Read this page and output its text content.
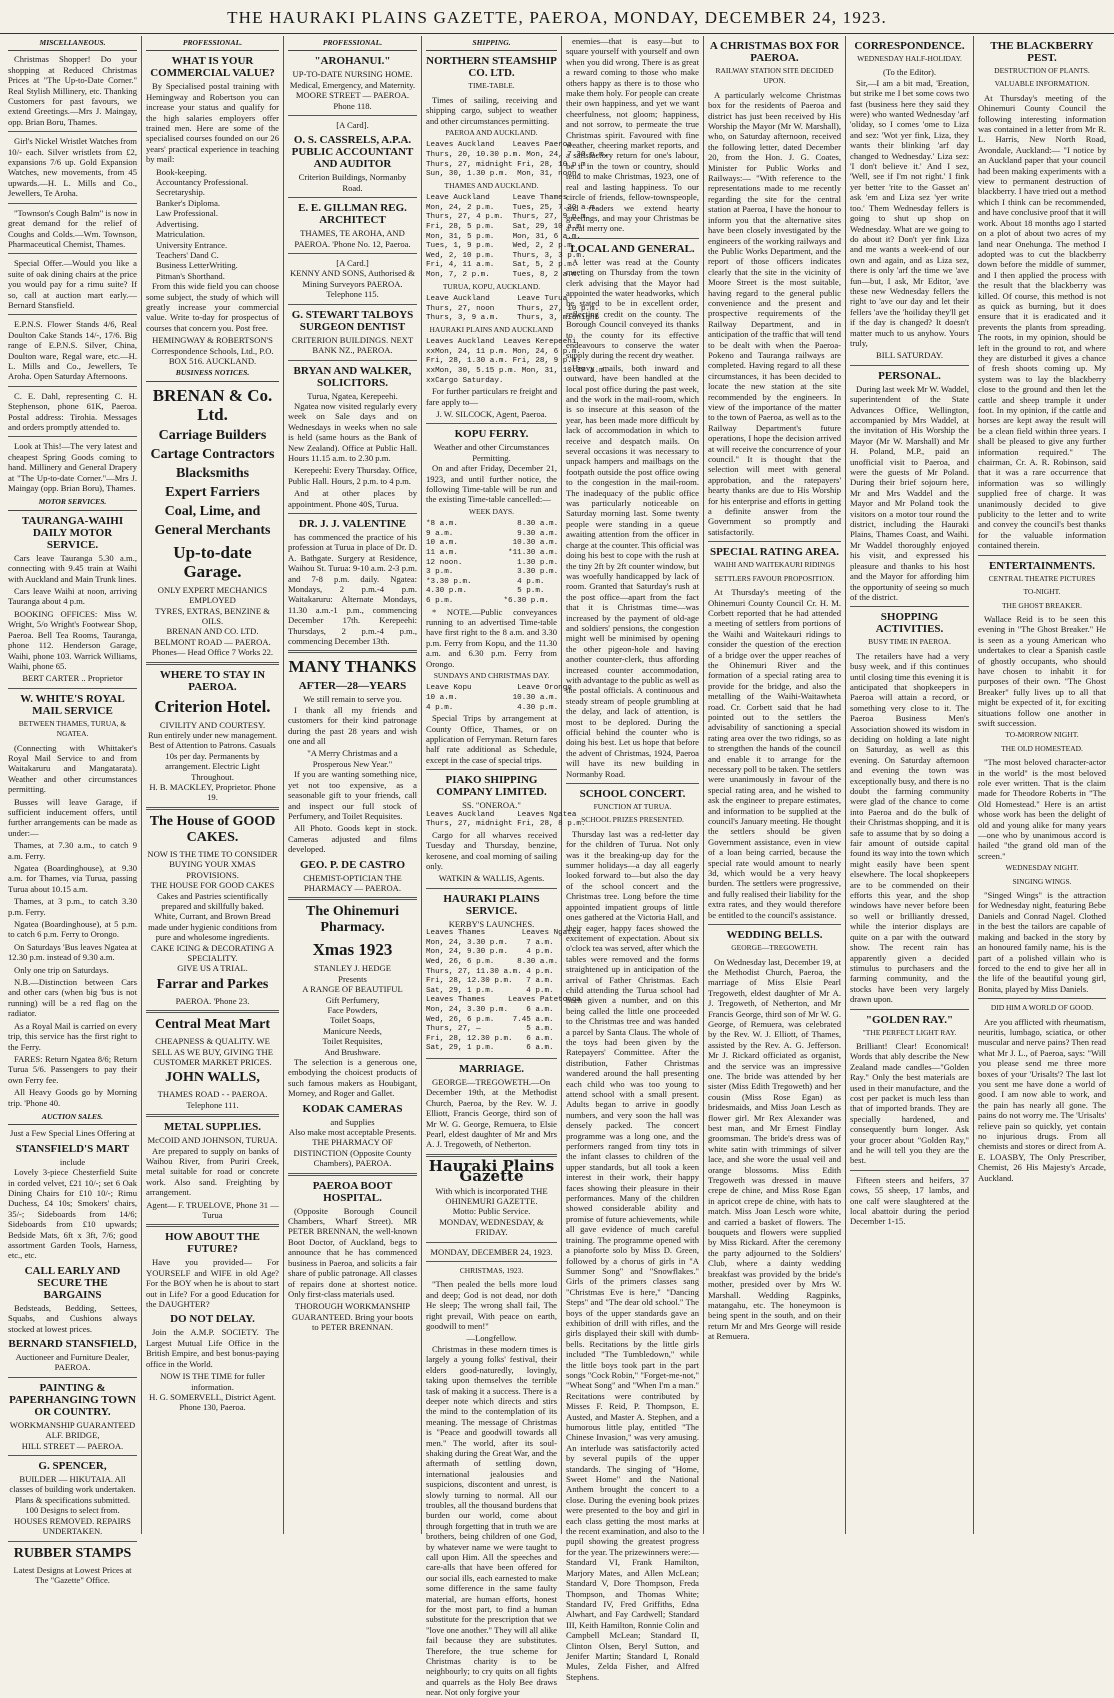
THE HAURAKI PLAINS GAZETTE, PAEROA, MONDAY, DECEMBER 24, 1923.
MISCELLANEOUS.

Christmas Shopper! Do your shopping at Reduced Christmas Prices at "The Up-to-Date Corner." Real Stylish Millinery, etc. Thanking Customers for past favours, we extend Greetings.—Mrs J. Maingay, opp. Brian Boru, Thames.

Girl's Nickel Wristlet Watches from 10/- each. Silver wristlets from £2, expansions 7/6 up. Gold Expansion Watches, new movements, from 45 upwards.—H. L. Mills and Co., Jewellers, Te Aroha.

"Townson's Cough Balm" is now in great demand for the relief of Coughs and Colds.—Wm. Townson, Pharmaceutical Chemist, Thames.

Special Offer.—Would you like a suite of oak dining chairs at the price you would pay for a rimu suite? If so, call at auction mart early.—Bernard Stansfield.

E.P.N.S. Flower Stands 4/6, Real Doulton Cake Stands 14/-, 17/6. Big range of E.P.N.S. Silver, China, Doulton ware, Regal ware, etc.—H. L. Mills and Co., Jewellers, Te Aroha. Open Saturday Afternoons.

C. E. Dahl, representing C. H. Stephenson, phone 61K, Paeroa. Postal address: Tirohia. Messages and orders promptly attended to.

Look at This!—The very latest and cheapest Spring Goods coming to hand. Millinery and General Drapery at "The Up-to-date Corner."—Mrs J. Maingay (opp. Brian Boru), Thames.

MOTOR SERVICES.
TAURANGA-WAIHI DAILY MOTOR SERVICE.

Cars leave Tauranga 5.30 a.m., connecting with 9.45 train at Waihi with Auckland and Main Trunk lines.

Cars leave Waihi at noon, arriving Tauranga about 4 p.m.

BOOKING OFFICES: Miss W. Wright, 5/o Wright's Footwear Shop, Paeroa. Bell Tea Rooms, Tauranga, phone 112. Henderson Garage, Waihi, phone 103. Warrick Williams, Waihi, phone 65.

BERT CARTER .. Proprietor
W. WHITE'S ROYAL MAIL SERVICE
BETWEEN THAMES, TURUA, & NGATEA.

(Connecting with Whittaker's Royal Mail Service to and from Waitakaruru and Mangatarata). Weather and other circumstances permitting.

Busses will leave Garage, if sufficient inducement offers, until further arrangements can be made as under:—

Thames, at 7.30 a.m., to catch 9 a.m. Ferry.

Ngatea (Boardinghouse), at 9.30 a.m. for Thames, via Turua, passing Turua about 10.15 a.m.

Thames, at 3 p.m., to catch 3.30 p.m. Ferry.

Ngatea (Boardinghouse), at 5 p.m. to catch 6 p.m. Ferry to Orongo.

On Saturdays 'Bus leaves Ngatea at 12.30 p.m. instead of 9.30 a.m.

Only one trip on Saturdays.

N.B.—Distinction between Cars and other cars (when big 'bus is not running) will be a red flag on the radiator.

As a Royal Mail is carried on every trip, this service has the first right to the Ferry.

FARES: Return Ngatea 8/6; Return Turua 5/6. Passengers to pay their own Ferry fee.

All Heavy Goods go by Morning trip. 'Phone 40.

AUCTION SALES.
Just a Few Special Lines Offering at
STANSFIELD'S MART
include

Lovely 3-piece Chesterfield Suite in corded velvet, £21 10/-; set 6 Oak Dining Chairs for £10 10/-; Rimu Duchess, £4 10s; Smokers' chairs, 35/-; Sideboards from 14/6; Sideboards from £10 upwards; Bedside Mats, 6ft x 3ft, 7/6; good assortment Garden Tools, Harness, etc., etc.

CALL EARLY AND SECURE THE BARGAINS

Bedsteads, Bedding, Settees, Squabs, and Cushions always stocked at lowest prices.

BERNARD STANSFIELD,
Auctioneer and Furniture Dealer, PAEROA.
PAINTING & PAPERHANGING TOWN OR COUNTRY.
WORKMANSHIP GUARANTEED ALF. BRIDGE,
HILL STREET — PAEROA.
G. SPENCER,
BUILDER — HIKUTAIA. All classes of building work undertaken.
Plans & specifications submitted.
100 Designs to select from.
HOUSES REMOVED. REPAIRS UNDERTAKEN.
RUBBER STAMPS
Latest Designs at Lowest Prices at The "Gazette" Office.
PROFESSIONAL.
WHAT IS YOUR COMMERCIAL VALUE?

By Specialised postal training with Hemingway and Robertson you can increase your status and qualify for the high salaries employers offer trained men. Here are some of the specialised courses founded on our 26 years' practical experience in teaching by mail:

Book-keeping.
Accountancy Professional.
Secretaryship.
Banker's Diploma.
Law Professional.
Advertising.
Matriculation.
University Entrance.
Teachers' Dand C.
Business LetterWriting.
Pitman's Shorthand.

From this wide field you can choose some subject, the study of which will greatly increase your commercial value. Write to-day for prospectus of courses that concern you. Post free.

HEMINGWAY & ROBERTSON'S Correspondence Schools, Ltd., P.O. BOX 516. AUCKLAND.
BUSINESS NOTICES.
BRENAN & Co. Ltd.
Carriage Builders
Cartage Contractors
Blacksmiths
Expert Farriers
Coal, Lime, and
General Merchants
Up-to-date Garage.
ONLY EXPERT MECHANICS EMPLOYED
TYRES, EXTRAS, BENZINE & OILS.
BRENAN AND CO. LTD.
BELMONT ROAD — PAEROA.
Phones— Head Office 7 Works 22.
WHERE TO STAY IN PAEROA.
Criterion Hotel.
CIVILITY AND COURTESY.
Run entirely under new management.
Best of Attention to Patrons. Casuals 10s per day. Permanents by arrangement. Electric Light Throughout.
H. B. MACKLEY, Proprietor. Phone 19.
The House of GOOD CAKES.
NOW IS THE TIME TO CONSIDER BUYING YOUR XMAS PROVISIONS.
THE HOUSE FOR GOOD CAKES
Cakes and Pastries scientifically prepared and skillfully baked.
White, Currant, and Brown Bread made under hygienic conditions from pure and wholesome ingredients.
CAKE ICING & DECORATING A SPECIALITY.
GIVE US A TRIAL.
Farrar and Parkes
PAEROA. 'Phone 23.
Central Meat Mart
CHEAPNESS & QUALITY. WE SELL AS WE BUY, GIVING THE CUSTOMER MARKET PRICES.
JOHN WALLS,
THAMES ROAD - - PAEROA. Telephone 111.
METAL SUPPLIES.
McCOID AND JOHNSON, TURUA.

Are prepared to supply on banks of Waihou River, from Puriri Creek, metal suitable for road or concrete work. Also sand. Freighting by arrangement.

Agent— F. TRUELOVE, Phone 31 — Turua
HOW ABOUT THE FUTURE?

Have you provided— For YOURSELF and WIFE in old Age? For the BOY when he is about to start out in Life? For a good Education for the DAUGHTER?

DO NOT DELAY.

Join the A.M.P. SOCIETY. The Largest Mutual Life Office in the British Empire, and best bonus-paying office in the World.

NOW IS THE TIME for fuller information.
H. G. SOMERVELL, District Agent. Phone 130, Paeroa.
PROFESSIONAL.
"AROHANUI."
UP-TO-DATE NURSING HOME.
Medical, Emergency, and Maternity.
MOORE STREET — PAEROA. Phone 118.
[A Card].
O. S. CASSRELS, A.P.A. PUBLIC ACCOUNTANT AND AUDITOR
Criterion Buildings, Normanby Road.
E. E. GILLMAN REG. ARCHITECT
THAMES, TE AROHA, AND PAEROA. 'Phone No. 12, Paeroa.
[A Card.]
KENNY AND SONS, Authorised & Mining Surveyors PAEROA. Telephone 115.
G. STEWART TALBOYS SURGEON DENTIST
CRITERION BUILDINGS. NEXT BANK NZ., PAEROA.
BRYAN AND WALKER, SOLICITORS.
Turua, Ngatea, Kerepeehi.

Ngatea now visited regularly every week on Sale days and on Wednesdays in weeks when no sale is held (same hours as the Bank of New Zealand). Office at Public Hall. Hours 11.15 a.m. to 2.30 p.m.

Kerepeehi: Every Thursday. Office, Public Hall. Hours, 2 p.m. to 4 p.m.

And at other places by appointment. Phone 40S, Turua.

DR. J. J. VALENTINE

has commenced the practice of his profession at Turua in place of Dr. D. A. Bathgate. Surgery at Residence, Waihou St. Turua: 9-10 a.m. 2-3 p.m. and 7-8 p.m. daily. Ngatea: Mondays, 2 p.m.-4 p.m. Waitakaruru: Alternate Mondays, 11.30 a.m.-1 p.m., commencing December 17th. Kerepeehi: Thursdays, 2 p.m.-4 p.m., commencing December 13th.

MANY THANKS
AFTER—28—YEARS
We still remain to serve you.

I thank all my friends and customers for their kind patronage during the past 28 years and wish one and all

"A Merry Christmas and a Prosperous New Year."

If you are wanting something nice, yet not too expensive, as a seasonable gift to your friends, call and inspect our full stock of Perfumery, and Toilet Requisites.

All Photo. Goods kept in stock. Cameras adjusted and films developed.

GEO. P. DE CASTRO
CHEMIST-OPTICIAN THE PHARMACY — PAEROA.
The Ohinemuri Pharmacy.
Xmas 1923
STANLEY J. HEDGE
Presents
A RANGE OF BEAUTIFUL
Gift Perfumery,
Face Powders,
Toilet Soaps,
Manicure Needs,
Toilet Requisites,
And Brushware.

The selection is a generous one, embodying the choicest products of such famous makers as Houbigant, Morney, and Roger and Gallet.

KODAK CAMERAS
and Supplies
Also make most acceptable Presents.
THE PHARMACY OF DISTINCTION (Opposite County Chambers), PAEROA.
PAEROA BOOT HOSPITAL.

(Opposite Borough Council Chambers, Wharf Street). MR PETER BRENNAN, the well-known Boot Doctor, of Auckland, begs to announce that he has commenced business in Paeroa, and solicits a fair share of public patronage. All classes of repairs done at shortest notice. Only first-class materials used.

THOROUGH WORKMANSHIP GUARANTEED. Bring your boots to PETER BRENNAN.
SHIPPING.
NORTHERN STEAMSHIP CO. LTD.
TIME-TABLE.

Times of sailing, receiving and shipping cargo, subject to weather and other circumstances permitting.

PAEROA AND AUCKLAND.
Leaves Auckland    Leaves Paeroa
Thurs, 20, 10.30 p.m. Mon, 24, 7.30 p.m.
Thurs, 27, midnight Fri, 28, 10 p.m.
Sun, 30, 1.30 p.m.  Mon, 31, noon.
THAMES AND AUCKLAND.
Leave Auckland     Leave Thames
Mon, 24, 2 p.m.    Tues, 25, 7.30 a.m.
Thurs, 27, 4 p.m.  Thurs, 27, 9 p.m.
Fri, 28, 5 p.m.    Sat, 29, 10 a.m.
Mon, 31, 5 p.m.    Mon, 31, 6 a.m.
Tues, 1, 9 p.m.    Wed, 2, 2 p.m.
Wed, 2, 10 p.m.    Thurs, 3, 3 p.m.
Fri, 4, 11 a.m.    Sat, 5, 2 p.m.
Mon, 7, 2 p.m.     Tues, 8, 2 a.m.
TURUA, KOPU, AUCKLAND.
Leave Auckland      Leave Turua
Thurs, 27, noon     Thurs, 27, 10 p.m.
Thurs, 3, 9 a.m.    Thurs, 3, midnight
HAURAKI PLAINS AND AUCKLAND
Leaves Auckland  Leaves Kerepeehi
xxMon, 24, 11 p.m. Mon, 24, 6 p.m.
Fri, 28, 1.30 a.m. Fri, 28, 9 p.m.
xxMon, 30, 5.15 p.m. Mon, 31, 10.30 a.m.
xxCargo Saturday.

For further particulars re freight and fare apply to—

J. W. SILCOCK, Agent, Paeroa.
KOPU FERRY.
Weather and other Circumstances Permitting.

On and after Friday, December 21, 1923, and until further notice, the following Time-table will be run and the existing Time-table cancelled:—

WEEK DAYS.
*8 a.m.             8.30 a.m.
9 a.m.              9.30 a.m.
10 a.m.            10.30 a.m.
11 a.m.           *11.30 a.m.
12 noon.            1.30 p.m.
3 p.m.              3.30 p.m.
*3.30 p.m.          4 p.m.
4.30 p.m.           5 p.m.
6 p.m.           *6.30 p.m.

* NOTE.—Public conveyances running to an advertised Time-table have first right to the 8 a.m. and 3.30 p.m. Ferry from Kopu, and the 11.30 a.m. and 6.30 p.m. Ferry from Orongo.

SUNDAYS AND CHRISTMAS DAY.
Leave Kopu          Leave Orongo
10 a.m.            10.30 a.m.
4 p.m.              4.30 p.m.

Special Trips by arrangement at County Office, Thames, or on application of Ferryman. Return fares half rate additional as Schedule, except in the case of special trips.

PIAKO SHIPPING COMPANY LIMITED.
SS. "ONEROA."
Leaves Auckland     Leaves Ngatea
Thurs, 27, midnight Fri, 28, 8 p.m.

Cargo for all wharves received Tuesday and Thursday, benzine, kerosene, and coal morning of sailing only.

WATKIN & WALLIS, Agents.
HAURAKI PLAINS SERVICE.
KERBY'S LAUNCHES.
Leaves Thames        Leaves Ngatea
Mon, 24, 3.30 p.m.    7 a.m.
Mon, 24, 9.30 p.m.    4 p.m.
Wed, 26, 6 p.m.     8.30 a.m.
Thurs, 27, 11.30 a.m. 4 p.m.
Fri, 28, 12.30 p.m.   7 a.m.
Sat, 29, 1 p.m.       4 p.m.
Leaves Thames     Leaves Patetonga
Mon, 24, 3.30 p.m.    6 a.m.
Wed, 26, 6 p.m.    7.45 a.m.
Thurs, 27, ―          5 a.m.
Fri, 28, 12.30 p.m.   6 a.m.
Sat, 29, 1 p.m.       6 a.m.
MARRIAGE.

GEORGE—TREGOWETH.—On December 19th, at the Methodist Church, Paeroa, by the Rev. W. J. Elliott, Francis George, third son of Mr W. G. George, Remuera, to Elsie Pearl, eldest daughter of Mr and Mrs A. J. Tregoweth, of Netherton.

Hauraki Plains Gazette
With which is incorporated THE OHINEMURI GAZETTE.
Motto: Public Service.
MONDAY, WEDNESDAY, & FRIDAY.
MONDAY, DECEMBER 24, 1923.
CHRISTMAS, 1923.

"Then pealed the bells more loud and deep; God is not dead, nor doth He sleep; The wrong shall fail, The right prevail, With peace on earth, goodwill to men!"

—Longfellow.

Christmas in these modern times is largely a young folks' festival, their elders good-naturedly, lovingly, taking upon themselves the terrible task of making it a success. There is a deeper note which directs and stirs the mind to the contemplation of its meaning. The message of Christmas is "Peace and goodwill towards all men." The world, after its soul-shaking during the Great War, and the aftermath of settling down, international jealousies and suspicions, discontent and unrest, is slowly turning to normal. All our troubles, all the thousand burdens that burden our world, come about through forgetting that in truth we are brothers, being children of one God, by whatever name we were taught to call upon Him. All the speeches and care-alls that have been offered for our social ills, each earnested to make some difference in the same faulty material, are human efforts, honest for the most part, to find a human substitute for the prescription that we "love one another." They will all alike fail because they are substitutes. Therefore, the true scheme for Christmas charity is to be neighbourly; to cry quits on all fights and quarrels as the Holy Bee draws near. Not only forgive your

enemies—that is easy—but to square yourself with yourself and own when you did wrong. There is as great a reward coming to those who make others happy as there is to those who make them holy. For people can create their own happiness, and yet we want cheerfulness, not gloom; happiness, and not sorrow, to permeate the true Christmas spirit. Favoured with fine weather, cheering market reports, and a satisfactory return for one's labour, be it in the town or country, should tend to make Christmas, 1923, one of real and lasting happiness. To our circle of friends, fellow-townspeople, and readers we extend hearty greetings, and may your Christmas be a real merry one.

LOCAL AND GENERAL.

A letter was read at the County meeting on Thursday from the town clerk advising that the Mayor had appointed the water headworks, which he stated to be in excellent order, reflecting credit on the county. The Borough Council conveyed its thanks to the county for its effective endeavours to conserve the water supply during the recent dry weather.

Heavy mails, both inward and outward, have been handled at the local post office during the past week, and the work in the mail-room, which is so insecure at this season of the year, has been made more difficult by lack of accommodation in which to receive and despatch mails. On several occasions it was necessary to unpack hampers and mailbags on the footpath outside the post office owing to the congestion in the mail-room. The inadequacy of the public office was particularly noticeable on Saturday morning last. Some twenty people were standing in a queue awaiting attention from the officer in charge at the counter. This official was doing his best to cope with the rush at the tiny 2ft by 2ft counter window, but was woefully handicapped by lack of room. Granted that Saturday's rush at the post office—apart from the fact that it is Christmas time—was increased by the payment of old-age and soldiers' pensions, the congestion might well be minimised by opening the other pigeon-hole and having another counter-clerk, thus affording increased counter accommodation, with advantage to the public as well as the postal officials. A continuous and steady stream of people grumbling at the delay, and lack of attention, is most to be deplored. During the official behind the counter who is doing his best. Let us hope that before the advent of Christmas, 1924, Paeroa will have its new building in Normanby Road.

SCHOOL CONCERT.
FUNCTION AT TURUA.
SCHOOL PRIZES PRESENTED.

Thursday last was a red-letter day for the children of Turua. Not only was it the breaking-up day for the summer holidays—a day all eagerly looked forward to—but also the day of the school concert and the Christmas tree. Long before the time appointed impatient groups of little ones gathered at the Victoria Hall, and their eager, happy faces showed the excitement of expectation. About six o'clock tea was served, after which the tables were removed and the forms straightened up in anticipation of the arrival of Father Christmas. Each child attending the Turua school had been given a number, and on this being called the little one proceeded to the Christmas tree and was handed a parcel by Santa Claus. The whole of the toys had been given by the Ratepayers' Committee. After the distribution, Father Christmas wandered around the hall presenting each child who was too young to attend school with a small present. Adults began to arrive in goodly numbers, and very soon the hall was densely packed. The concert programme was a long one, and the performers ranged from tiny tots in the infant classes to children of the upper standards, but all took a keen interest in their work, their happy faces showing their pleasure in their performances. Many of the children showed considerable ability and promise of future achievements, while all gave evidence of much careful training. The programme opened with a pianoforte solo by Miss D. Green, followed by a chorus of girls in "A Summer Song" and "Snowflakes." Girls of the primers classes sang "Christmas Eve is here," "Dancing Steps" and "The dear old school." The boys of the upper standards gave an exhibition of drill with rifles, and the girls displayed their skill with dumb-bells. Recitations by the little girls included "The Tumbledown," while the little boys took part in the part songs "Cock Robin," "Forget-me-not," "Wheat Song" and "When I'm a man." Recitations were contributed by Misses F. Reid, P. Thompson, E. Austed, and Master A. Stephen, and a humorous little play, entitled "The Chinese Invasion," was very amusing. An interlude was satisfactorily acted by several pupils of the upper standards. The singing of "Home, Sweet Home" and the National Anthem brought the concert to a close. During the evening book prizes were presented to the boy and girl in each class getting the most marks at the recent examination, and also to the pupil showing the greatest progress for the year. The prizewinners were:—Standard VI, Frank Hamilton, Marjory Mates, and Allen McLean; Standard V, Dore Thompson, Freda Thompson, and Thomas White; Standard IV, Fred Griffiths, Edna Alwhart, and Fay Cardwell; Standard III, Keith Hamilton, Ronnie Colin and Campbell McLean; Standard II, Clinton Olsen, Beryl Sutton, and Jenifer Martin; Standard I, Ronald Mules, Zelda Fisher, and Alfred Stephens.

A CHRISTMAS BOX FOR PAEROA.
RAILWAY STATION SITE DECIDED UPON.

A particularly welcome Christmas box for the residents of Paeroa and district has just been received by His Worship the Mayor (Mr W. Marshall), who, on Saturday afternoon, received the following letter, dated December 20, from the Hon. J. G. Coates, Minister for Public Works and Railways:— "With reference to the representations made to me recently regarding the site for the central station at Paeroa, I have the honour to inform you that the alternative sites have been closely investigated by the engineers of the working railways and the Public Works Department, and the report of those officers indicates clearly that the site in the vicinity of Moore Street is the most suitable, having regard to the general public convenience and the present and prospective requirements of the Railway Department, and in anticipation of the traffic that will tend to be dealt with when the Paeroa-Pokeno and Tauranga railways are completed. Having regard to all these circumstances, it has been decided to locate the new station at the site recommended by the engineers. In view of the importance of the matter to the town of Paeroa, as well as to the Railway Department's future operations, I hope the decision arrived at will receive the concurrence of your council." It is thought that the selection will meet with general approbation, and the ratepayers' hearty thanks are due to His Worship for his enterprise and efforts in getting a definite answer from the Government so promptly and satisfactorily.

SPECIAL RATING AREA.
WAIHI AND WAITEKAURI RIDINGS
SETTLERS FAVOUR PROPOSITION.

At Thursday's meeting of the Ohinemuri County Council Cr. H. M. Corbett reported that he had attended a meeting of settlers from portions of the Waihi and Waitekauri ridings to consider the question of the erection of a bridge over the upper reaches of the Ohinemuri River and the formation of a special rating area to provide for the bridge, and also the metalling of the Waihi-Waitawheta road. Cr. Corbett said that he had pointed out to the settlers the advisability of sanctioning a special rating area over the two ridings, so as to strengthen the hands of the council and enable it to arrange for the necessary poll to be taken. The settlers were unanimously in favour of the special rating area, and he wished to ask the engineer to prepare estimates, and information to be supplied at the council's January meeting. He thought the settlers should be given Government assistance, even in view of a loan being carried, because the special rate would amount to nearly 3d, which would be a very heavy burden. The settlers were progressive, and fully realised their liability for the extra rates, and they would therefore be entitled to the council's assistance.

WEDDING BELLS.
GEORGE—TREGOWETH.

On Wednesday last, December 19, at the Methodist Church, Paeroa, the marriage of Miss Elsie Pearl Tregoweth, eldest daughter of Mr A. J. Tregoweth, of Netherton, and Mr Francis George, third son of Mr W. G. George, of Remuera, was celebrated by the Rev. W. J. Elliott, of Thames, assisted by the Rev. A. G. Jefferson. Mr J. Rickard officiated as organist, and the service was an impressive one. The bride was attended by her sister (Miss Edith Tregoweth) and her cousin (Miss Rose Egan) as bridesmaids, and Miss Joan Lesch as flower girl. Mr Rex Alexander was best man, and Mr Ernest Findlay groomsman. The bride's dress was of white satin with trimmings of silver lace, and she wore the usual veil and orange blossoms. Miss Edith Tregoweth was dressed in mauve crepe de chine, and Miss Rose Egan in apricot crepe de chine, with hats to match. Miss Joan Lesch wore white, and carried a basket of flowers. The bouquets and flowers were supplied by Miss Rickard. After the ceremony the party adjourned to the Soldiers' Club, where a dainty wedding breakfast was provided by the bride's mother, presided over by Mrs W. Marshall. Wedding Ragpinks, matangahu, etc. The honeymoon is being spent in the south, and on their return Mr and Mrs George will reside at Remuera.

CORRESPONDENCE.
WEDNESDAY HALF-HOLIDAY.
(To the Editor).

Sir,—I am a bit mad, 'Ereation, but strike me I bet some cows two fast (business here they said they were) who wanted Wednesday 'arf 'oliday, so I comes 'ome to Liza and sez: 'Wot yer fink, Liza, they wants their blinking 'arf day changed to Wednesday.' Liza sez: 'I don't believe it.' And I sez, 'Well, see if I'm not right.' I fink yer better 'rite to the Gasset an' ask 'em and Liza sez 'yer write too.' Them Wednesday fellers is going to shut up shop on Wednesday. What are we going to do about it? Don't yer fink Liza and me wants a week-end of our own and again, and as Liza sez, there is only 'arf the time we 'ave fun—but, I ask, Mr Editor, 'ave these new Wednesday fellers the right to 'ave our day and let their fellers 'ave the 'hoiliday they'll get if the day is changed? It doesn't matter much to us anyhow. Yours truly,

BILL SATURDAY.
PERSONAL.

During last week Mr W. Waddel, superintendent of the State Advances Office, Wellington, accompanied by Mrs Waddel, at the invitation of His Worship the Mayor (Mr W. Marshall) and Mr H. Poland, M.P., paid an unofficial visit to Paeroa, and were the guests of Mr Poland. During their brief sojourn here, Mr and Mrs Waddel and the Mayor and Mr Poland took the visitors on a motor tour round the district, including the Hauraki Plains, Thames Coast, and Waihi. Mr Waddel thoroughly enjoyed his visit, and expressed his pleasure and thanks to his host and the Mayor for affording him the opportunity of seeing so much of the district.

SHOPPING ACTIVITIES.
BUSY TIME IN PAEROA.

The retailers have had a very busy week, and if this continues until closing time this evening it is anticipated that shopkeepers in Paeroa will attain a record, or something very close to it. The Paeroa Business Men's Association showed its wisdom in deciding on holding a late night on Saturday, as well as this evening. On Saturday afternoon and evening the town was exceptionally busy, and there is no doubt the farming community were glad of the chance to come into Paeroa and do the bulk of their Christmas shopping, and it is safe to assume that by so doing a fair amount of outside capital found its way into the town which might easily have been spent elsewhere. The local shopkeepers are to be commended on their efforts this year, and the shop windows have never before been so well or brilliantly dressed, while the interior displays are quite on a par with the outward show. The recent rain has apparently given a decided stimulus to purchasers and the farming community, and the stocks have been very largely drawn upon.

"GOLDEN RAY."
"THE PERFECT LIGHT RAY.

Brilliant! Clear! Economical! Words that ably describe the New Zealand made candles—"Golden Ray." Only the best materials are used in their manufacture, and the cost per packet is much less than that of imported brands. They are specially hardened, and consequently burn longer. Ask your grocer about "Golden Ray," and he will tell you they are the best.

Fifteen steers and heifers, 37 cows, 55 sheep, 17 lambs, and one calf were slaughtered at the local abattoir during the period December 1-15.

THE BLACKBERRY PEST.
DESTRUCTION OF PLANTS.
VALUABLE INFORMATION.

At Thursday's meeting of the Ohinemuri County Council the following interesting information was contained in a letter from Mr R. L. Harris, New North Road, Avondale, Auckland:— "I notice by an Auckland paper that your council had been making experiments with a view to permanent destruction of blackberry. I have tried out a method which I think can be recommended, and have conclusive proof that it will work. About 18 months ago I started on a plot of about two acres of my land near Onehunga. The method I adopted was to cut the blackberry down before the middle of summer, and I then applied the process with the result that the blackberry was killed. Of course, this method is not as quick as burning, but it does ensure that it is eradicated and it prevents the plants from spreading. The roots, in my opinion, should be left in the ground to rot, and where they are disturbed it gives a chance of fresh shoots coming up. My system was to lay the blackberry close to the ground and then let the cattle and sheep trample it under foot. In my opinion, if the cattle and horses are kept away the result will be a clean field within three years. I shall be pleased to give any further information required." The chairman, Cr. A. R. Robinson, said that it was a rare occurrence that information was so willingly supplied free of charge. It was unanimously decided to give publicity to the letter and to write and convey the council's best thanks for the valuable information contained therein.

ENTERTAINMENTS.
CENTRAL THEATRE PICTURES
TO-NIGHT.
THE GHOST BREAKER.

Wallace Reid is to be seen this evening in "The Ghost Breaker." He is seen as a young American who undertakes to clear a Spanish castle of ghostly occupants, who should have chosen to inhabit it for purposes of their own. "The Ghost Breaker" fully lives up to all that might be expected of it, for exciting situations follow one another in swift succession.

TO-MORROW NIGHT.
THE OLD HOMESTEAD.

"The most beloved character-actor in the world" is the most beloved role ever written. That is the claim made for Theodore Roberts in "The Old Homestead." Here is an artist whose work has been the delight of old and young alike for many years—one who by unanimous accord is hailed "the grand old man of the screen."

WEDNESDAY NIGHT.
SINGING WINGS.

"Singed Wings" is the attraction for Wednesday night, featuring Bebe Daniels and Conrad Nagel. Clothed in the best the tailors are capable of making and backed in the story by an honoured family name, his is the part of a polished villain who is forced to the end to give her all in the life of the beautiful young girl, Bonita, played by Miss Daniels.

DID HIM A WORLD OF GOOD.

Are you afflicted with rheumatism, neuritis, lumbago, sciatica, or other muscular and nerve pains? Then read what Mr J. L., of Paeroa, says: "Will you please send me three more boxes of your 'Urisalts'? The last lot you sent me have done a world of good. I am now able to work, and the pain has nearly all gone. The pains do not worry me. The 'Urisalts' relieve pain so quickly, yet contain no injurious drugs. From all chemists and stores or direct from A. E. LOASBY, The Only Prescriber, Chemist, 26 His Majesty's Arcade, Auckland.
